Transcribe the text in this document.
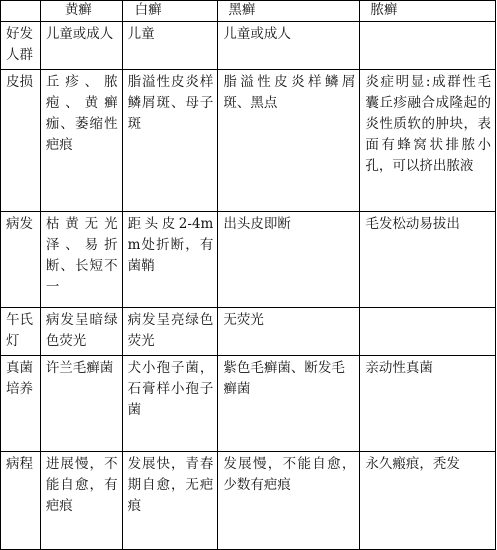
	黄癣	白癣	黑癣	脓癣
好发人群	儿童或成人	儿童	儿童或成人	
皮损	丘疹、脓疱、黄癣痂、萎缩性疤痕	脂溢性皮炎样鳞屑斑、母子斑	脂溢性皮炎样鳞屑斑、黑点	炎症明显:成群性毛囊丘疹融合成隆起的炎性质软的肿块，表面有蜂窝状排脓小孔，可以挤出脓液
病发	枯黄无光泽、易折断、长短不一	距头皮2-4mm处折断，有菌鞘	出头皮即断	毛发松动易拔出
午氏灯	病发呈暗绿色荧光	病发呈亮绿色荧光	无荧光	
真菌培养	许兰毛癣菌	犬小孢子菌，石膏样小孢子菌	紫色毛癣菌、断发毛癣菌	亲动性真菌
病程	进展慢，不能自愈，有疤痕	发展快，青春期自愈，无疤痕	发展慢，不能自愈，少数有疤痕	永久瘢痕，秃发
